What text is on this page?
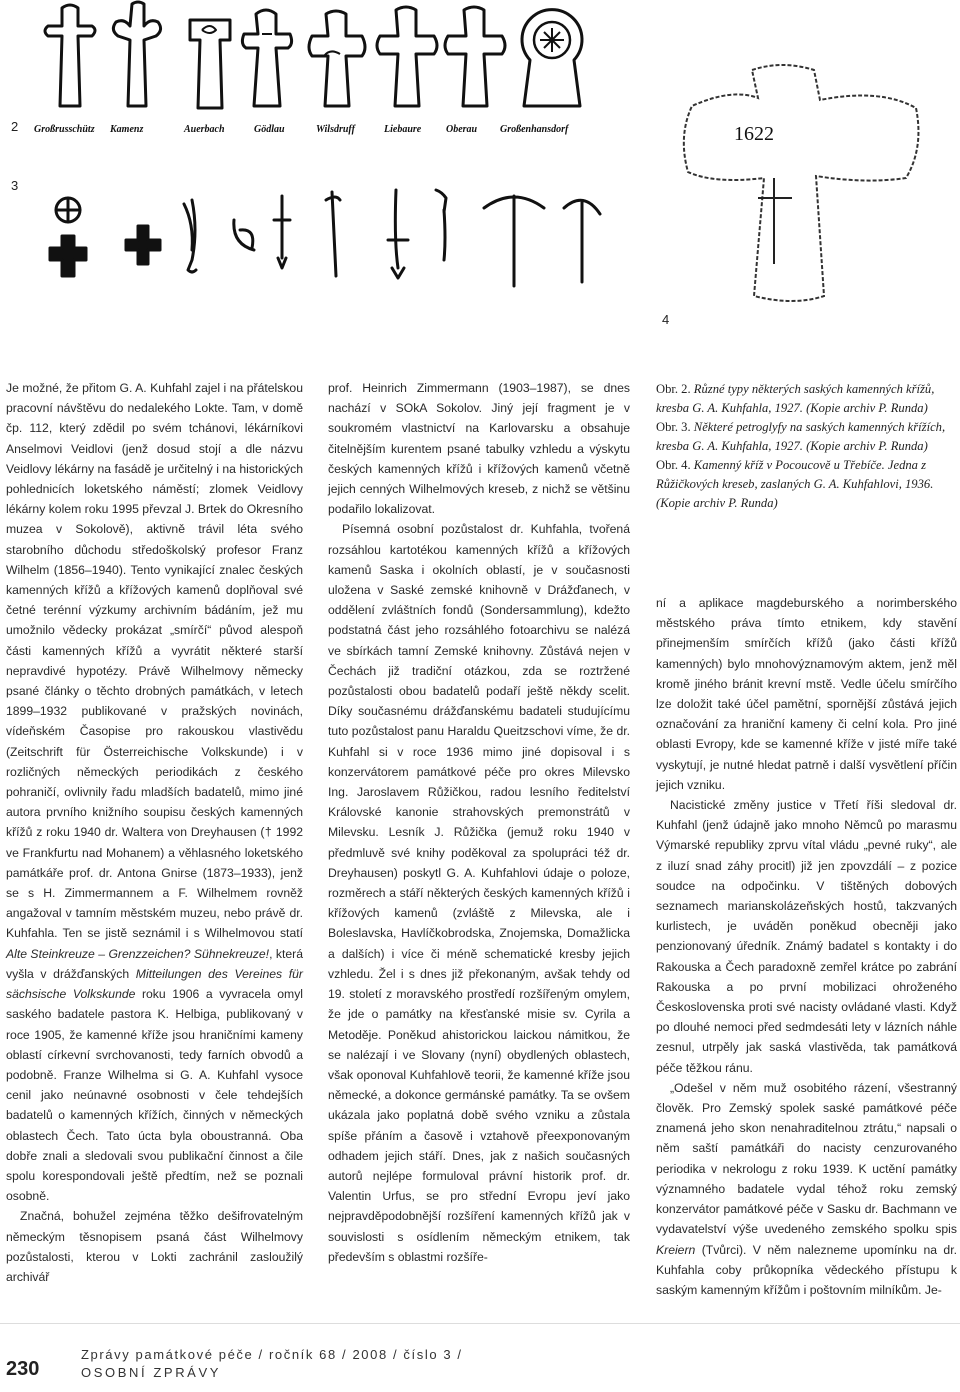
2 Großrusschütz Kamenz	Auerbach	Gödlau	Wilsdruff	Liebaure Oberau Großenhansdorf
3
4
1622

Je možné, že přitom G. A. Kuhfahl zajel i na přátelskou pracovní návštěvu do nedalekého Lokte. Tam, v domě čp. 112, který zdědil po svém tchánovi, lékárníkovi Anselmovi Veidlovi (jenž dosud stojí a dle názvu Veidlovy lékárny na fasádě je určitelný i na historických pohlednicích loketského náměstí; zlomek Veidlovy lékárny kolem roku 1995 převzal J. Brtek do Okresního muzea v Sokolově), aktivně trávil léta svého starobního důchodu středoškolský profesor Franz Wilhelm (1856–1940). Tento vynikající znalec českých kamenných křížů a křížových kamenů doplňoval své četné terénní výzkumy archivním bádáním, jež mu umožnilo vědecky prokázat „smírčí“ původ alespoň části kamenných křížů a vyvrátit některé starší nepravdivé hypotézy. Právě Wilhelmovy německy psané články o těchto drobných památkách, v letech 1899–1932 publikované v pražských novinách, vídeňském Časopise pro rakouskou vlastivědu (Zeitschrift für Österreichische Volkskunde) i v rozličných německých periodikách z českého pohraničí, ovlivnily řadu mladších badatelů, mimo jiné autora prvního knižního soupisu českých kamenných křížů z roku 1940 dr. Waltera von Dreyhausen († 1992 ve Frankfurtu nad Mohanem) a věhlasného loketského památkáře prof. dr. Antona Gnirse (1873–1933), jenž se s H. Zimmermannem a F. Wilhelmem rovněž angažoval v tamním městském muzeu, nebo právě dr. Kuhfahla. Ten se jistě seznámil i s Wilhelmovou statí Alte Steinkreuze – Grenzzeichen? Sühnekreuze!, která vyšla v drážďanských Mitteilungen des Vereines für sächsische Volkskunde roku 1906 a vyvracela omyl saského badatele pastora K. Helbiga, publikovaný v roce 1905, že kamenné kříže jsou hraničními kameny oblastí církevní svrchovanosti, tedy farních obvodů a podobně. Franze Wilhelma si G. A. Kuhfahl vysoce cenil jako neúnavné osobnosti v čele tehdejších badatelů o kamenných křížích, činných v německých oblastech Čech. Tato úcta byla oboustranná. Oba dobře znali a sledovali svou publikační činnost a čile spolu korespondovali ještě předtím, než se poznali osobně.

Značná, bohužel zejména těžko dešifrovatelným německým těsnopisem psaná část Wilhelmovy pozůstalosti, kterou v Lokti zachránil zasloužilý archivář

prof. Heinrich Zimmermann (1903–1987), se dnes nachází v SOkA Sokolov. Jiný její fragment je v soukromém vlastnictví na Karlovarsku a obsahuje čitelnějším kurentem psané tabulky vzhledu a výskytu českých kamenných křížů i křížových kamenů včetně jejich cenných Wilhelmových kreseb, z nichž se většinu podařilo lokalizovat.

Písemná osobní pozůstalost dr. Kuhfahla, tvořená rozsáhlou kartotékou kamenných křížů a křížových kamenů Saska i okolních oblastí, je v současnosti uložena v Saské zemské knihovně v Drážďanech, v oddělení zvláštních fondů (Sondersammlung), kdežto podstatná část jeho rozsáhlého fotoarchivu se nalézá ve sbírkách tamní Zemské knihovny. Zůstává nejen v Čechách již tradiční otázkou, zda se roztržené pozůstalosti obou badatelů podaří ještě někdy scelit. Díky současnému drážďanskému badateli studujícímu tuto pozůstalost panu Haraldu Queitzschovi víme, že dr. Kuhfahl si v roce 1936 mimo jiné dopisoval i s konzervátorem památkové péče pro okres Milevsko Ing. Jaroslavem Růžičkou, radou lesního ředitelství Královské kanonie strahovských premonstrátů v Milevsku. Lesník J. Růžička (jemuž roku 1940 v předmluvě své knihy poděkoval za spolupráci též dr. Dreyhausen) poskytl G. A. Kuhfahlovi údaje o poloze, rozměrech a stáří některých českých kamenných křížů i křížových kamenů (zvláště z Milevska, ale i Boleslavska, Havlíčkobrodska, Znojemska, Domažlicka a dalších) i více či méně schematické kresby jejich vzhledu. Žel i s dnes již překonaným, avšak tehdy od 19. století z moravského prostředí rozšířeným omylem, že jde o památky na křesťanské misie sv. Cyrila a Metoděje. Poněkud ahistorickou laickou námitkou, že se nalézají i ve Slovany (nyní) obydlených oblastech, však oponoval Kuhfahlově teorii, že kamenné kříže jsou německé, a dokonce germánské památky. Ta se ovšem ukázala jako poplatná době svého vzniku a zůstala spíše přáním a časově i vztahově přeexponovaným odhadem jejich stáří. Dnes, jak z našich současných autorů nejlépe formuloval právní historik prof. dr. Valentin Urfus, se pro střední Evropu jeví jako nejpravděpodobnější rozšíření kamenných křížů jak v souvislosti s osídlením německým etnikem, tak především s oblastmi rozšíře-

Obr. 2. Různé typy některých saských kamenných křížů, kresba G. A. Kuhfahla, 1927. (Kopie archiv P. Runda)

Obr. 3. Některé petroglyfy na saských kamenných křížích, kresba G. A. Kuhfahla, 1927. (Kopie archiv P. Runda)

Obr. 4. Kamenný kříž v Pocoucově u Třebíče. Jedna z Růžičkových kreseb, zaslaných G. A. Kuhfahlovi, 1936. (Kopie archiv P. Runda)

ní a aplikace magdeburského a norimberského městského práva tímto etnikem, kdy stavění přinejmenším smírčích křížů (jako části křížů kamenných) bylo mnohovýznamovým aktem, jenž měl kromě jiného bránit krevní mstě. Vedle účelu smírčího lze doložit také účel pamětní, spornější zůstává jejich označování za hraniční kameny či celní kola. Pro jiné oblasti Evropy, kde se kamenné kříže v jisté míře také vyskytují, je nutné hledat patrně i další vysvětlení příčin jejich vzniku.

Nacistické změny justice v Třetí říši sledoval dr. Kuhfahl (jenž údajně jako mnoho Němců po marasmu Výmarské republiky zprvu vítal vládu „pevné ruky“, ale z iluzí snad záhy procitl) již jen zpovzdálí – z pozice soudce na odpočinku. V tištěných dobových seznamech marianskolázeňských hostů, takzvaných kurlistech, je uváděn poněkud obecněji jako penzionovaný úředník. Známý badatel s kontakty i do Rakouska a Čech paradoxně zemřel krátce po zabrání Rakouska a po první mobilizaci ohroženého Československa proti své nacisty ovládané vlasti. Když po dlouhé nemoci před sedmdesáti lety v lázních náhle zesnul, utrpěly jak saská vlastivěda, tak památková péče těžkou ránu.

„Odešel v něm muž osobitého rázení, všestranný člověk. Pro Zemský spolek saské památkové péče znamená jeho skon nenahraditelnou ztrátu,“ napsali o něm saští památkáři do nacisty cenzurovaného periodika v nekrologu z roku 1939. K uctění památky významného badatele vydal téhož roku zemský konzervátor památkové péče v Sasku dr. Bachmann ve vydavatelství výše uvedeného zemského spolku spis Kreiern (Tvůrci). V něm nalezneme upomínku na dr. Kuhfahla coby průkopníka vědeckého přístupu k saským kamenným křížům i poštovním milníkům. Je-

230
Zprávy památkové péče / ročník 68 / 2008 / číslo 3 /
OSOBNÍ ZPRÁVY
